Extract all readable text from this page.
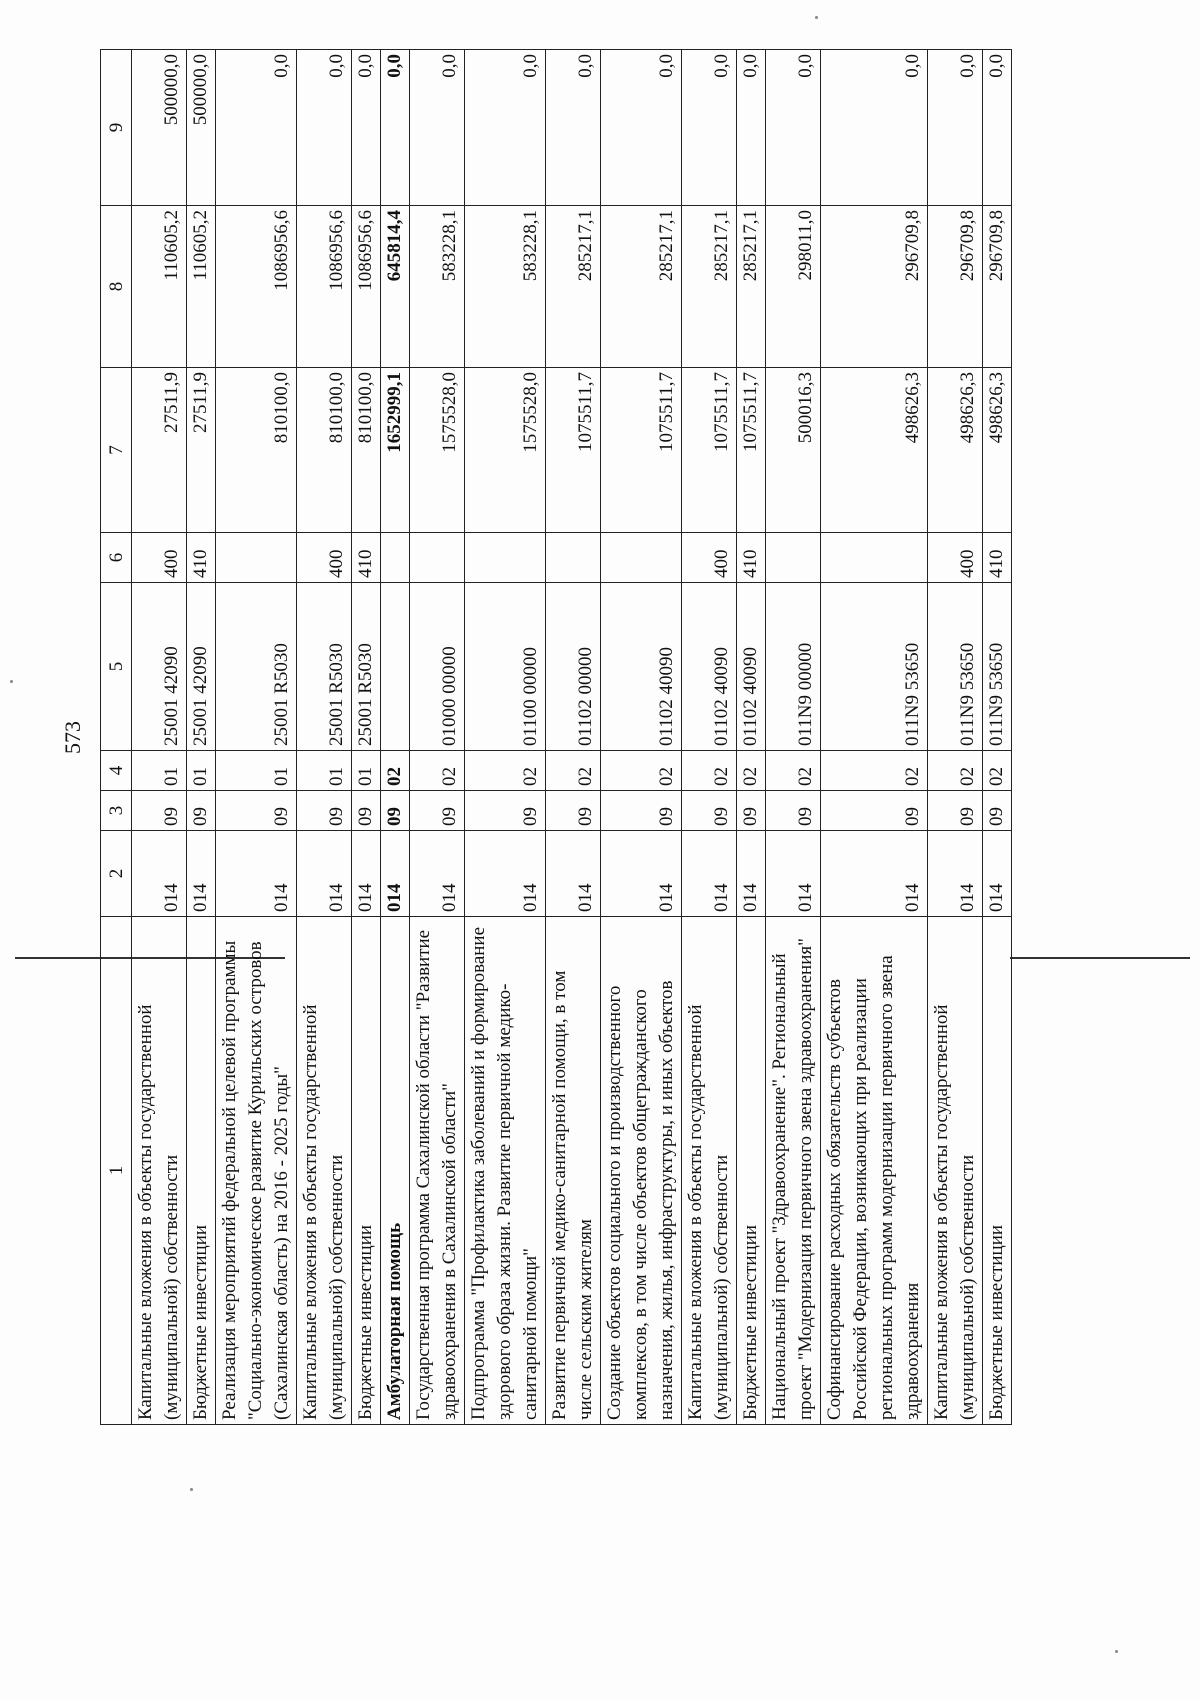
573
1	2	3	4	5	6	7	8	9
Капитальные вложения в объекты государственной (муниципальной) собственности	014	09	01	25001 42090	400	27511,9	110605,2	500000,0
Бюджетные инвестиции	014	09	01	25001 42090	410	27511,9	110605,2	500000,0
Реализация мероприятий федеральной целевой программы "Социально-экономическое развитие Курильских островов (Сахалинская область) на 2016 - 2025 годы"	014	09	01	25001 R5030		810100,0	1086956,6	0,0
Капитальные вложения в объекты государственной (муниципальной) собственности	014	09	01	25001 R5030	400	810100,0	1086956,6	0,0
Бюджетные инвестиции	014	09	01	25001 R5030	410	810100,0	1086956,6	0,0
Амбулаторная помощь	014	09	02			1652999,1	645814,4	0,0
Государственная программа Сахалинской области "Развитие здравоохранения в Сахалинской области"	014	09	02	01000 00000		1575528,0	583228,1	0,0
Подпрограмма "Профилактика заболеваний и формирование здорового образа жизни. Развитие первичной медико-санитарной помощи"	014	09	02	01100 00000		1575528,0	583228,1	0,0
Развитие первичной медико-санитарной помощи, в том числе сельским жителям	014	09	02	01102 00000		1075511,7	285217,1	0,0
Создание объектов социального и производственного комплексов, в том числе объектов общегражданского назначения, жилья, инфраструктуры, и иных объектов	014	09	02	01102 40090		1075511,7	285217,1	0,0
Капитальные вложения в объекты государственной (муниципальной) собственности	014	09	02	01102 40090	400	1075511,7	285217,1	0,0
Бюджетные инвестиции	014	09	02	01102 40090	410	1075511,7	285217,1	0,0
Национальный проект "Здравоохранение". Региональный проект "Модернизация первичного звена здравоохранения"	014	09	02	011N9 00000		500016,3	298011,0	0,0
Софинансирование расходных обязательств субъектов Российской Федерации, возникающих при реализации региональных программ модернизации первичного звена здравоохранения	014	09	02	011N9 53650		498626,3	296709,8	0,0
Капитальные вложения в объекты государственной (муниципальной) собственности	014	09	02	011N9 53650	400	498626,3	296709,8	0,0
Бюджетные инвестиции	014	09	02	011N9 53650	410	498626,3	296709,8	0,0
